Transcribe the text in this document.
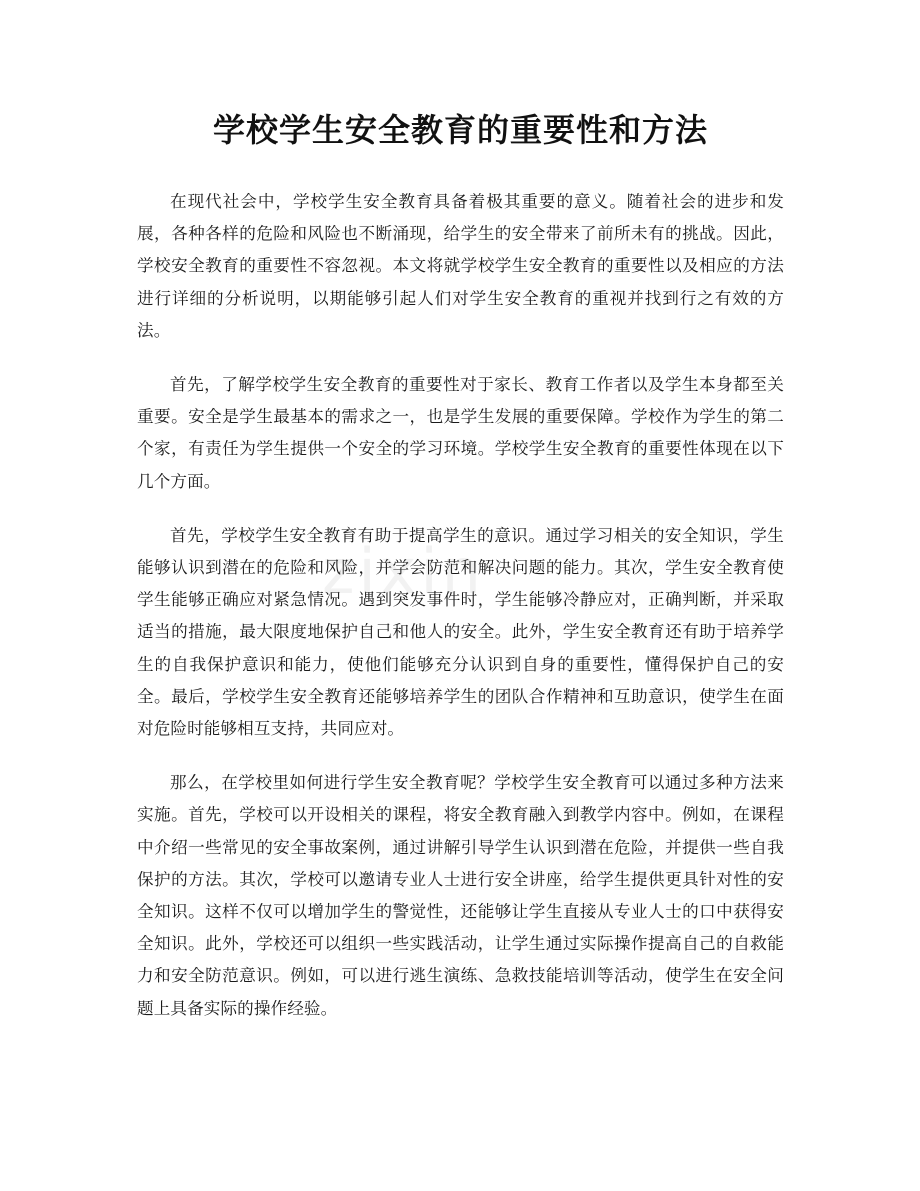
zixin
学校学生安全教育的重要性和方法

在现代社会中，学校学生安全教育具备着极其重要的意义。随着社会的进步和发展，各种各样的危险和风险也不断涌现，给学生的安全带来了前所未有的挑战。因此，学校安全教育的重要性不容忽视。本文将就学校学生安全教育的重要性以及相应的方法进行详细的分析说明，以期能够引起人们对学生安全教育的重视并找到行之有效的方法。

首先，了解学校学生安全教育的重要性对于家长、教育工作者以及学生本身都至关重要。安全是学生最基本的需求之一，也是学生发展的重要保障。学校作为学生的第二个家，有责任为学生提供一个安全的学习环境。学校学生安全教育的重要性体现在以下几个方面。

首先，学校学生安全教育有助于提高学生的意识。通过学习相关的安全知识，学生能够认识到潜在的危险和风险，并学会防范和解决问题的能力。其次，学生安全教育使学生能够正确应对紧急情况。遇到突发事件时，学生能够冷静应对，正确判断，并采取适当的措施，最大限度地保护自己和他人的安全。此外，学生安全教育还有助于培养学生的自我保护意识和能力，使他们能够充分认识到自身的重要性，懂得保护自己的安全。最后，学校学生安全教育还能够培养学生的团队合作精神和互助意识，使学生在面对危险时能够相互支持，共同应对。

那么，在学校里如何进行学生安全教育呢？学校学生安全教育可以通过多种方法来实施。首先，学校可以开设相关的课程，将安全教育融入到教学内容中。例如，在课程中介绍一些常见的安全事故案例，通过讲解引导学生认识到潜在危险，并提供一些自我保护的方法。其次，学校可以邀请专业人士进行安全讲座，给学生提供更具针对性的安全知识。这样不仅可以增加学生的警觉性，还能够让学生直接从专业人士的口中获得安全知识。此外，学校还可以组织一些实践活动，让学生通过实际操作提高自己的自救能力和安全防范意识。例如，可以进行逃生演练、急救技能培训等活动，使学生在安全问题上具备实际的操作经验。
